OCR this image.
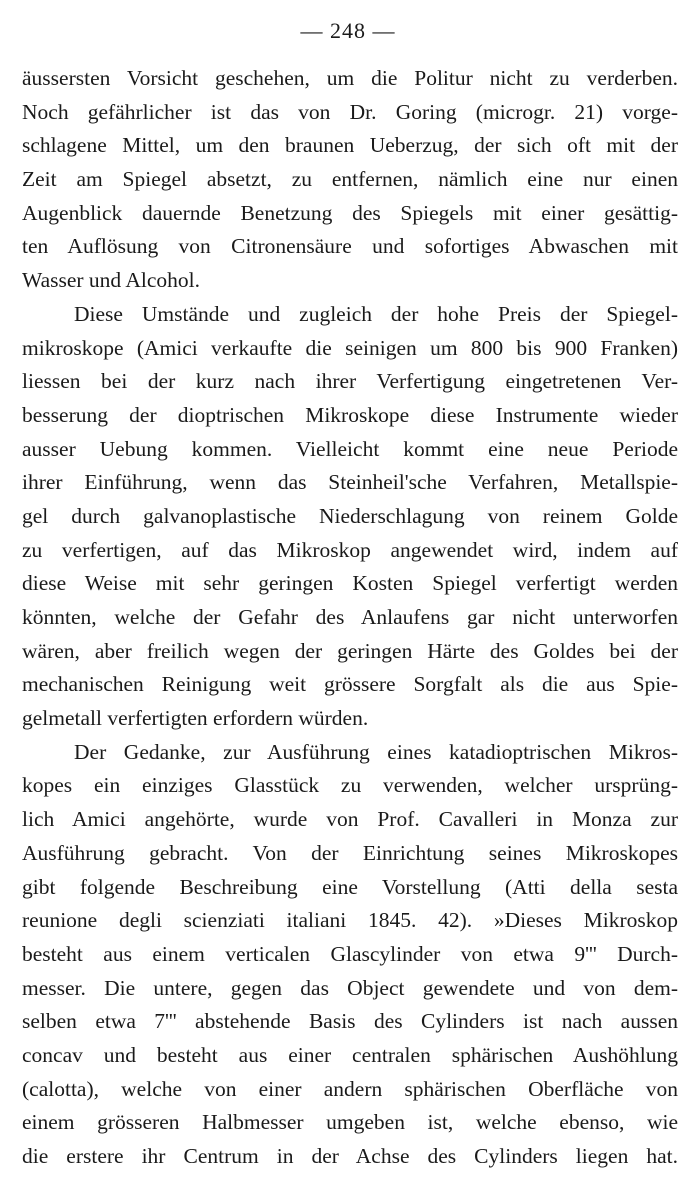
— 248 —
äussersten Vorsicht geschehen, um die Politur nicht zu verderben.
Noch gefährlicher ist das von Dr. Goring (microgr. 21) vorge-
schlagene Mittel, um den braunen Ueberzug, der sich oft mit der
Zeit am Spiegel absetzt, zu entfernen, nämlich eine nur einen
Augenblick dauernde Benetzung des Spiegels mit einer gesättig-
ten Auflösung von Citronensäure und sofortiges Abwaschen mit
Wasser und Alcohol.
Diese Umstände und zugleich der hohe Preis der Spiegel-
mikroskope (Amici verkaufte die seinigen um 800 bis 900 Franken)
liessen bei der kurz nach ihrer Verfertigung eingetretenen Ver-
besserung der dioptrischen Mikroskope diese Instrumente wieder
ausser Uebung kommen. Vielleicht kommt eine neue Periode
ihrer Einführung, wenn das Steinheil'sche Verfahren, Metallspie-
gel durch galvanoplastische Niederschlagung von reinem Golde
zu verfertigen, auf das Mikroskop angewendet wird, indem auf
diese Weise mit sehr geringen Kosten Spiegel verfertigt werden
könnten, welche der Gefahr des Anlaufens gar nicht unterworfen
wären, aber freilich wegen der geringen Härte des Goldes bei der
mechanischen Reinigung weit grössere Sorgfalt als die aus Spie-
gelmetall verfertigten erfordern würden.
Der Gedanke, zur Ausführung eines katadioptrischen Mikros-
kopes ein einziges Glasstück zu verwenden, welcher ursprüng-
lich Amici angehörte, wurde von Prof. Cavalleri in Monza zur
Ausführung gebracht. Von der Einrichtung seines Mikroskopes
gibt folgende Beschreibung eine Vorstellung (Atti della sesta
reunione degli scienziati italiani 1845. 42). »Dieses Mikroskop
besteht aus einem verticalen Glascylinder von etwa 9''' Durch-
messer. Die untere, gegen das Object gewendete und von dem-
selben etwa 7''' abstehende Basis des Cylinders ist nach aussen
concav und besteht aus einer centralen sphärischen Aushöhlung
(calotta), welche von einer andern sphärischen Oberfläche von
einem grösseren Halbmesser umgeben ist, welche ebenso, wie
die erstere ihr Centrum in der Achse des Cylinders liegen hat.
